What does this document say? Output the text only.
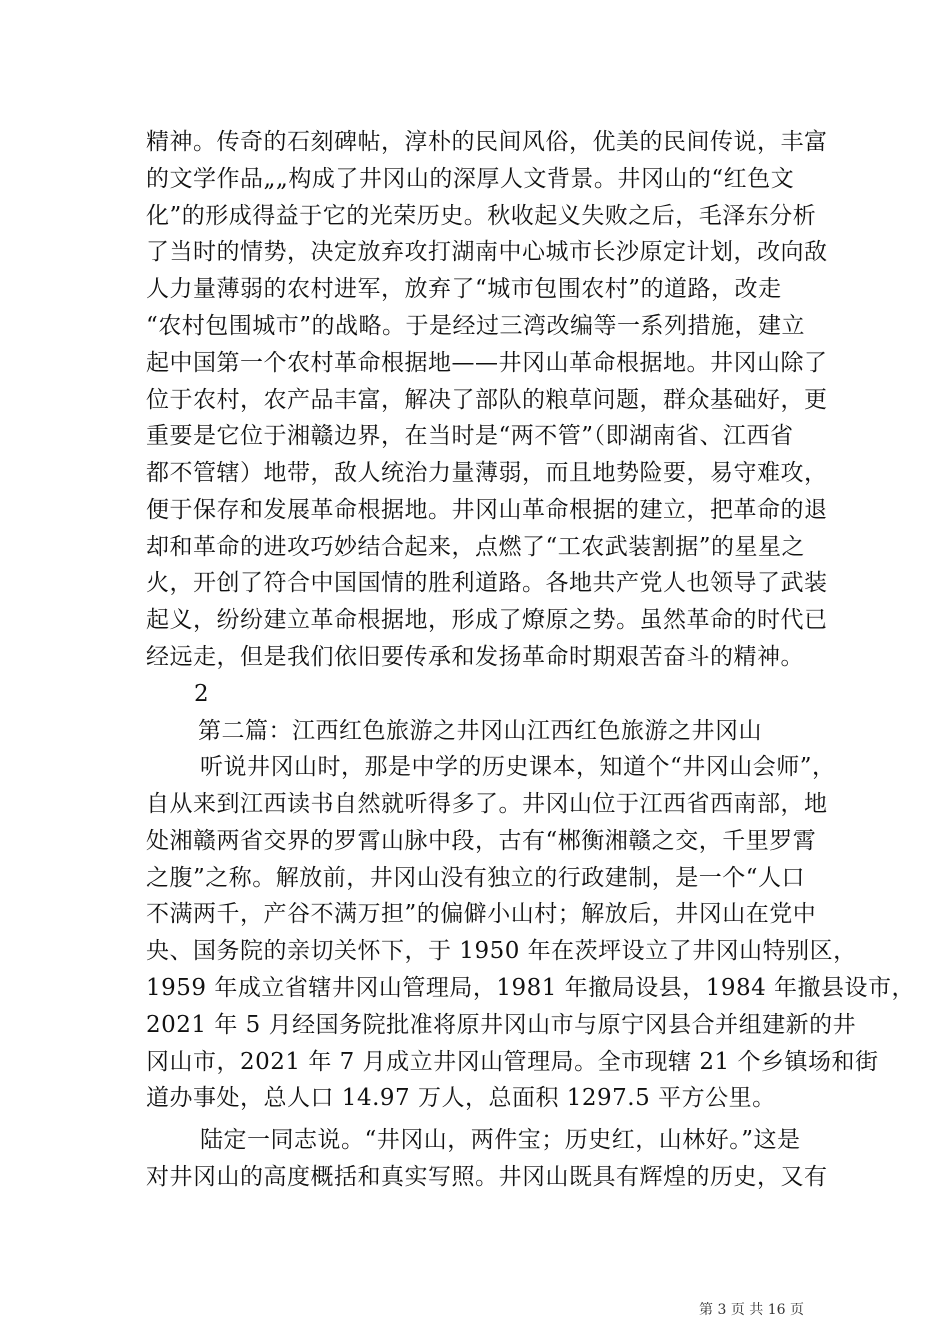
精神。传奇的石刻碑帖，淳朴的民间风俗，优美的民间传说，丰富
的文学作品„„构成了井冈山的深厚人文背景。井冈山的“红色文
化”的形成得益于它的光荣历史。秋收起义失败之后，毛泽东分析
了当时的情势，决定放弃攻打湖南中心城市长沙原定计划，改向敌
人力量薄弱的农村进军，放弃了“城市包围农村”的道路，改走
“农村包围城市”的战略。于是经过三湾改编等一系列措施，建立
起中国第一个农村革命根据地——井冈山革命根据地。井冈山除了
位于农村，农产品丰富，解决了部队的粮草问题，群众基础好，更
重要是它位于湘赣边界，在当时是“两不管”（即湖南省、江西省
都不管辖）地带，敌人统治力量薄弱，而且地势险要，易守难攻，
便于保存和发展革命根据地。井冈山革命根据的建立，把革命的退
却和革命的进攻巧妙结合起来，点燃了“工农武装割据”的星星之
火，开创了符合中国国情的胜利道路。各地共产党人也领导了武装
起义，纷纷建立革命根据地，形成了燎原之势。虽然革命的时代已
经远走，但是我们依旧要传承和发扬革命时期艰苦奋斗的精神。
2
第二篇：江西红色旅游之井冈山江西红色旅游之井冈山
听说井冈山时，那是中学的历史课本，知道个“井冈山会师”，
自从来到江西读书自然就听得多了。井冈山位于江西省西南部，地
处湘赣两省交界的罗霄山脉中段，古有“郴衡湘赣之交，千里罗霄
之腹”之称。解放前，井冈山没有独立的行政建制，是一个“人口
不满两千，产谷不满万担”的偏僻小山村；解放后，井冈山在党中
央、国务院的亲切关怀下，于 1950 年在茨坪设立了井冈山特别区，
1959 年成立省辖井冈山管理局，1981 年撤局设县，1984 年撤县设市，
2021 年 5 月经国务院批准将原井冈山市与原宁冈县合并组建新的井
冈山市，2021 年 7 月成立井冈山管理局。全市现辖 21 个乡镇场和街
道办事处，总人口 14.97 万人，总面积 1297.5 平方公里。
陆定一同志说。“井冈山，两件宝；历史红，山林好。”这是
对井冈山的高度概括和真实写照。井冈山既具有辉煌的历史，又有
第 3 页 共 16 页
